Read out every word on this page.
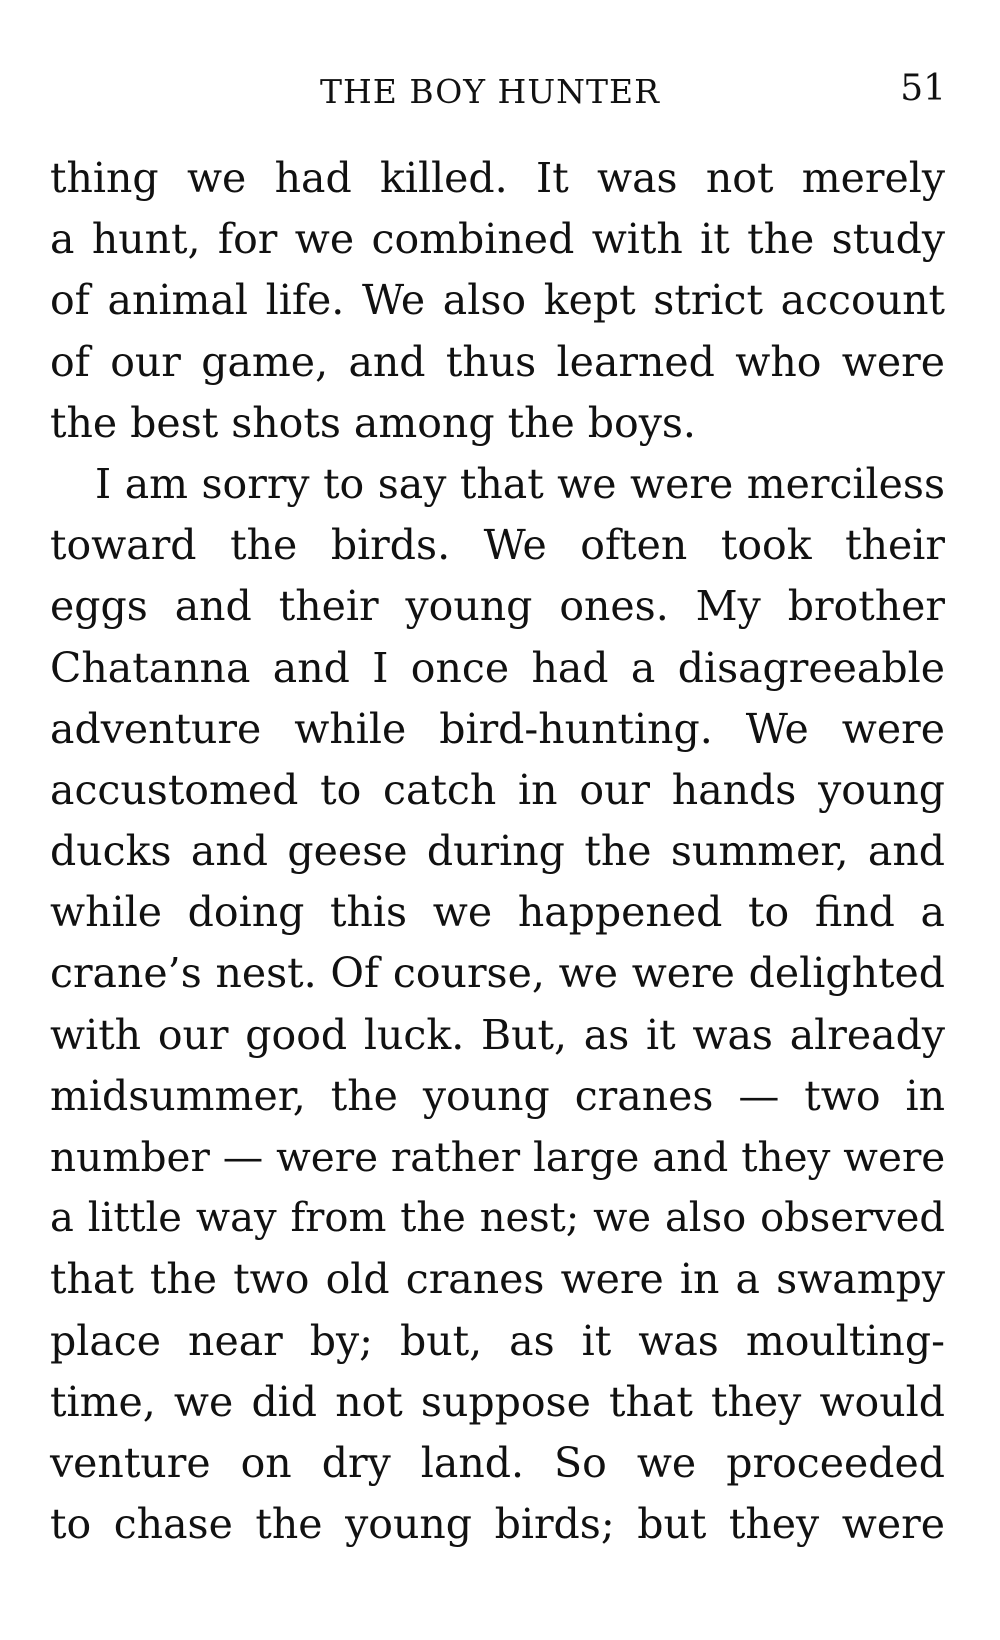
THE BOY HUNTER	51
thing we had killed. It was not merely
a hunt, for we combined with it the study
of animal life. We also kept strict account
of our game, and thus learned who were
the best shots among the boys.
I am sorry to say that we were merciless
toward the birds. We often took their
eggs and their young ones. My brother
Chatanna and I once had a disagreeable
adventure while bird-hunting. We were
accustomed to catch in our hands young
ducks and geese during the summer, and
while doing this we happened to find a
crane’s nest. Of course, we were delighted
with our good luck. But, as it was already
midsummer, the young cranes — two in
number — were rather large and they were
a little way from the nest; we also observed
that the two old cranes were in a swampy
place near by; but, as it was moulting-
time, we did not suppose that they would
venture on dry land. So we proceeded
to chase the young birds; but they were
